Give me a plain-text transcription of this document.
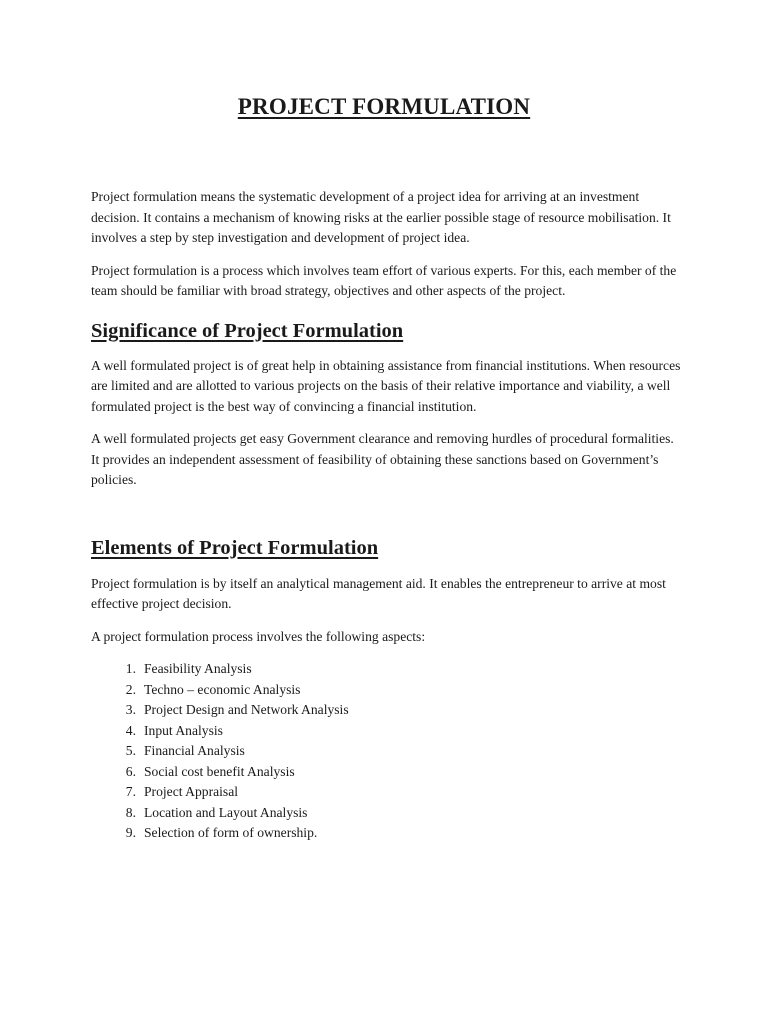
PROJECT FORMULATION

Project formulation means the systematic development of a project idea for arriving at an investment decision. It contains a mechanism of knowing risks at the earlier possible stage of resource mobilisation. It involves a step by step investigation and development of project idea.

Project formulation is a process which involves team effort of various experts. For this, each member of the team should be familiar with broad strategy, objectives and other aspects of the project.

Significance of Project Formulation

A well formulated project is of great help in obtaining assistance from financial institutions. When resources are limited and are allotted to various projects on the basis of their relative importance and viability, a well formulated project is the best way of convincing a financial institution.

A well formulated projects get easy Government clearance and removing hurdles of procedural formalities. It provides an independent assessment of feasibility of obtaining these sanctions based on Government’s policies.

Elements of Project Formulation

Project formulation is by itself an analytical management aid. It enables the entrepreneur to arrive at most effective project decision.

A project formulation process involves the following aspects:

1. Feasibility Analysis
2. Techno – economic Analysis
3. Project Design and Network Analysis
4. Input Analysis
5. Financial Analysis
6. Social cost benefit Analysis
7. Project Appraisal
8. Location and Layout Analysis
9. Selection of form of ownership.
